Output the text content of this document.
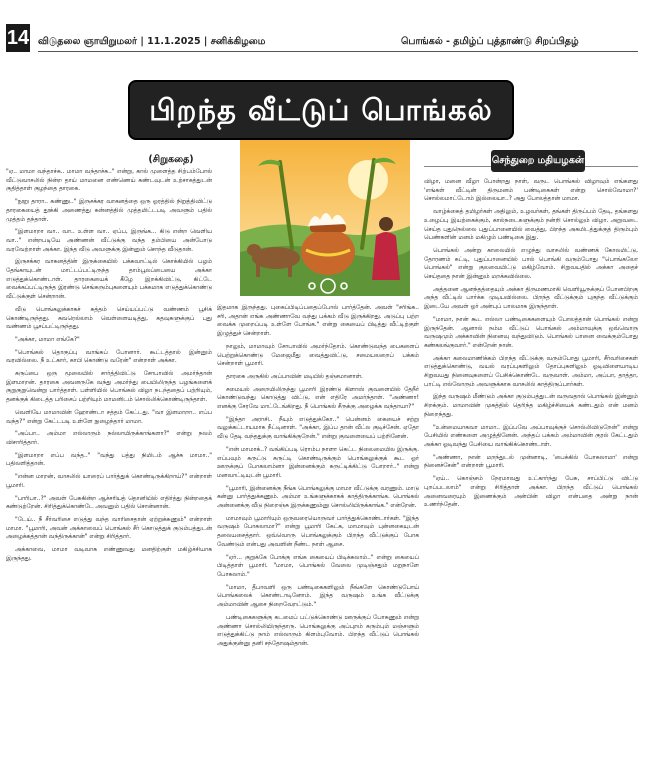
14 விடுதலை ஞாயிறுமலர் | 11.1.2025 | சனிக்கிழமை	பொங்கல் - தமிழ்ப் புத்தாண்டு சிறப்பிதழ்
பிறந்த வீட்டுப் பொங்கல்
(சிறுகதை)	செந்துறை மதியழகன்

"ஏ.. மாமா வந்தாச்சு.. மாமா வந்தாச்சு.." என்று, கால் முளைத்த சிற்பம்போல் வீட்டுவாசலில் நின்ற தாய் மாமனை எண்ணெய் கண்டவுடன் உற்சாகத்துடன் குதித்தாள் குழந்தை தாரகை.

"நூறு தாரா.. கண்ணு.." இருசக்கர வாகனத்தை ஒரு ஓரத்தில் நிறுத்திவிட்டு தாரகையைத் தூக்கி அணைத்து கன்னத்தில் முத்தமிட்டபடி அவளும் பதில் முத்தம் தந்தாள்.

"இளமாறா வா.. வா.. உள்ள வா.. ஏப்ப, இருங்க... கிடு என்ற வெளிய வா.." என்றபடியே அண்ணன் வீட்டுக்கு வந்த தம்பியை அன்போடு வரவேற்றாள் அக்கா. இந்த வீடு அவளுக்கு இன்னும் சொந்த வீடுதான்.

இருசக்கர வாகனத்தின் இருக்கையில் பக்கவாட்டில் கொக்கியில் பழம் தேங்காயுடன் மாட்டப்பட்டிருந்த தாம்பூலப்பையை அக்கா எடுத்துக்கொண்டாள். தாரகையைக் கீழே இறக்கிவிட்டு, கிட்டே வைக்கப்பட்டிருந்த இரண்டு செங்கரும்புகளையும் பக்கமாக எடுத்துக்கொண்டு வீட்டுக்குள் சென்றான்.

வீடு பொங்கலுக்காகச் சுத்தம் செய்யப்பட்டு வண்ணம் பூசிக் கொண்டிருந்தது. சுவரெல்லாம் வெள்ளையடித்து, கதவுகளுக்குப் புது வண்ணம் பூசப்பட்டிருந்தது.

"அக்கா, மாமா எங்கே?"

"பொங்கல் தொகுப்பு வாங்கப் போனார். கூட்டத்தால் இன்னும் வரவில்லை. நீ உட்கார், காபி கொண்டு வரேன்" என்றாள் அக்கா.

கருப்பை ஒரு மூலையில் சார்த்திவிட்டு சோபாவில் அமர்ந்தான் இளமாறன். தாரகை அவனருகே வந்து அமர்ந்து பையிலிருந்த பழங்களைக் குறுகுறுவென்று பார்த்தாள். பள்ளியில் பொங்கல் விழா நடந்ததைப் பற்றியும், தனக்குக் கிடைத்த பரிசைப் பற்றியும் மாமனிடம் சொல்லிக்கொண்டிருந்தாள்.

வெளியே மாமாவின் ஹோண்டா சத்தம் கேட்டது. "வா இளமாறா.. எப்ப வந்த?" என்று கேட்டபடி உள்ளே நுழைந்தார் மாமா.

"அப்பா.. அம்மா எல்லாரும் நல்லாயிருக்காங்களா?" என்று நலம் விசாரித்தார்.

"இளமாறா எப்ப வந்த.." "வந்து பத்து நிமிடம் ஆச்சு மாமா.." பதிலளித்தான்.

"என்ன மாறன், வாசலில் யாரைப் பார்த்துக் கொண்டிருக்கிறாய்?" என்றாள் பூமாரி.

"பாரிபா..?" அவள் பேசுகின்ற ஆச்சரியத் தொனியில் எதிர்த்து நின்றதைக் கண்டுற்றேன். சிரித்துக்கொண்டே அவனும் பதில் சொன்னான்.

"டேய்.. நீ சீர்வரிசை எடுத்து வந்த வாரிசைதான் ஏற்றுக்கணும்" என்றாள் மாமா. "பூமாரி, அவன் அக்காவைப் பொங்கல் சீர் கொடுத்துக் குடும்பத்துடன் அழைக்கத்தான் வந்திருக்கான்" என்று சிரித்தார்.

அக்காவை, மாமா வடிவாக எண்ணுவது மனதிற்குள் மகிழ்ச்சியாக இருந்தது.

இதமாக இருந்தது. புகைப்பிடிப்பதைப்போல் பார்த்தேன். அவள் "சரிங்க.. சரி, அதான் எங்க அண்ணாவே வந்து பக்கம் வீடு இருக்கிறது. அடுப்பு பற்ற வைக்க முறைப்படி உள்ளே போங்க." என்று கையைப் பிடித்து வீட்டிற்குள் இழுத்துச் சென்றாள்.

நாலும், மாமாவும் சோபாவில் அமர்ந்தோம். கொண்டுவந்த பைகளைப் பெற்றுக்கொண்டு மேஜைமீது வைத்துவிட்டு, சமையலறைப் பக்கம் சென்றாள் பூமாரி.

தாரகை அருகில் அப்பாவின் மடியில் தஞ்சமானாள்.

சமையல் அறையிலிருந்து பூமாரி இரண்டு கிளாஸ் குவளையில் தேநீர் கொண்டுவந்து கொடுத்து விட்டு, என் எதிரே அமர்ந்தாள். "அண்ணா! எனக்கு சேரவே மாட்டேங்கிறது. நீ பொங்கல் சீருக்கு அழைக்க வந்தாயா?"

"இந்தா அராசி.. நீயும் எடுத்துக்கோ.." பென்னம் கையைச் சற்று வலுக்கட்டாயமாக நீட்டினாள். "அக்கா, இப்ப தான் வீட்ல குடிச்சேன். ஏதோ வீடு தேடி வந்ததுக்கு வாங்கிக்குறேன்." என்று குவளையைப் பற்றினேன்.

"என் மாமாக்..? வங்கிப்படி ரொம்ப நாளா கெட்ட நிலைமையில இருக்கு. எப்பவும் சுருட்டு சுருட்டி கொண்டிருக்கும் பொங்கலுக்குக் கூட ஓர் ஊருக்குப் போகலாம்னா இன்னைக்கும் சுருட்டிக்கிட்டு போறார்.." என்று மனவாட்டியுடன் பூமாரி.

"பூமாரி, இன்னைக்கு நீங்க பொங்கலுக்கு மாமா வீட்டுக்கு வரணும். மாடு கன்னு பார்த்துக்கணும். அம்மா உங்களுக்காகக் காத்திருக்காங்க. பொங்கல் அன்னைக்கு வீடு நிறைஞ்சு இருக்கணும்னு சொல்லியிருக்காங்க." என்றேன்.

மாமாவும் பூமாரியும் ஒருவரையொருவர் பார்த்துக்கொண்டார்கள். "இந்த வருஷம் போகலாமா?" என்று பூமாரி கேட்க, மாமாவும் புன்னகையுடன் தலையசைத்தார். ஒவ்வொரு பொங்கலுக்கும் பிறந்த வீட்டுக்குப் போக வேண்டும் என்பது அவளின் நீண்ட நாள் ஆசை.

"ஏர்... குறுக்கே போக்கு எங்க கையைப் பிடிக்கலாம்.." என்று கையைப் பிடித்தாள் பூமாரி. "மாமா, பொங்கல் வேலை முடிஞ்சதும் மறுநாளே போகலாம்."

"மாமா, தீபாவளி ஒரு பண்டிகைகளிலும் நீங்களே கொண்டுபோய் பொங்கலைக் கொண்டாடினோம். இந்த வருஷம் உங்க வீட்டுக்கு அம்மாவின் ஆசை நிறைவேறட்டும்."

பண்டிகைகளுக்கு கடமைப் பட்டுக்கொண்டு ஊருக்குப் போகணும் என்று அண்ணா சொல்லியிருந்தாரு. பொங்கலுக்கு அப்புறம் கரும்பும் மஞ்சளும் எடுத்துக்கிட்டு நாம் எல்லாரும் கிளம்புவோம். பிறந்த வீட்டுப் பொங்கல் அதுக்குன்னு தனி சந்தோஷம்தான்.

விழா, மனை வீழா போன்றது நாள், வருட பொங்கல் விழாவும் எங்களது 'எங்கள் வீட்டின் திருமனம் பண்டிகைகள் என்று சொல்வோமா?' சொல்லமாட்டோம் இல்லையா..? அது போலத்தான் மாமா.

வாழ்க்கைத் தமிழர்கள் அதிலும், உழவர்கள், தங்கள் திருப்பம் தேடி, தங்களது உழைப்பு இயற்கைக்கும், கால்நடைகளுக்கும் நன்றி சொல்லும் விழா. அறுவடை செய்த புதுநெல்லை புதுப்பானையில் வைத்து, பிறந்த அகமிடத்துக்குத் திரும்பும் பெண்களின் மனம் மகிழும் பண்டிகை இது.

பொங்கல் அன்று காலையில் எழுந்து வாசலில் வண்ணக் கோலமிட்டு, தோரணம் கட்டி, புதுப்பானையில் பால் பொங்கி வரும்போது "பொங்கலோ பொங்கல்" என்று குலவையிட்டு மகிழ்வோம். சிறுவயதில் அக்கா அதைச் செய்ததை நான் இன்னும் மறக்கவில்லை.

அத்தனை ஆனந்தத்தையும் அக்கா திருமணமாகி வெளியூருக்குப் போனபிறகு அந்த வீட்டில் பார்க்க முடியவில்லை. பிறந்த வீட்டுக்கும் புகுந்த வீட்டுக்கும் இடையே அவள் ஓர் அன்புப் பாலமாக இருந்தாள்.

"மாமா, நான் கூட எல்லா பண்டிகைகளையும் போலத்தான் பொங்கல் என்று இருந்தேன். ஆனால் நம்ம வீட்டுப் பொங்கல் அம்மாவுக்கு ஒவ்வொரு வருஷமும் அக்காவின் நினைவு வந்துவிடும். பொங்கல் பானை வைக்கும்போது கண்கலங்குவார்." என்றேன் நான்.

அக்கா கலைமாணிக்கம் பிறந்த வீட்டுக்கு வரும்போது பூமாரி, சீர்வரிசைகள் எடுத்துக்கொண்டு, வயல் வரப்புகளிலும் தோப்புகளிலும் ஓடிவிளையாடிய சிறுவயது நினைவுகளைப் பேசிக்கொண்டே வருவாள். அம்மா, அப்பா, தாத்தா, பாட்டி எல்லோரும் அவளுக்காக வாசலில் காத்திருப்பார்கள்.

இந்த வருஷம் மீண்டும் அக்கா குடும்பத்துடன் வருவதால் பொங்கல் இன்னும் சிறக்கும். மாமாவின் முகத்தில் தெரிந்த மகிழ்ச்சியைக் கண்டதும் என் மனம் நிறைந்தது.

"உன்மையாகவா மாமா.. இப்பவே அப்பாவுக்குச் சொல்லிவிடுறேன்" என்று பேசியில் எண்களை அழுத்தினேன். அந்தப் பக்கம் அம்மாவின் குரல் கேட்டதும் அக்கா ஓடிவந்து பேசியை வாங்கிக்கொண்டாள்.

"அண்ணா, நான் மறந்துடல் முன்னாடி, 'பைக்கில் போகலாமா' என்று நினைச்சேன்" என்றாள் பூமாரி.

"ஏய்.. கொஞ்சம் நேரமாவது உட்கார்ந்து பேசு, சாப்பிட்டு விட்டு புறப்படலாம்" என்று சிரித்தாள் அக்கா. பிறந்த வீட்டுப் பொங்கல் அனைவரையும் இணைக்கும் அன்பின் விழா என்பதை அன்று நான் உணர்ந்தேன்.
